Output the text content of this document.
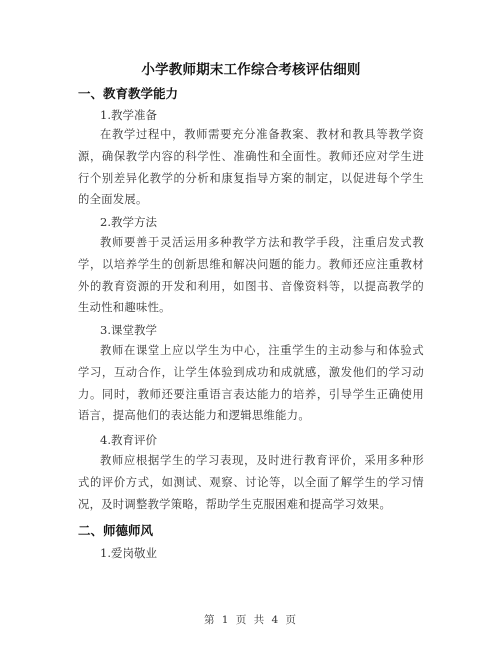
小学教师期末工作综合考核评估细则
一、教育教学能力
1.教学准备
在教学过程中，教师需要充分准备教案、教材和教具等教学资源，确保教学内容的科学性、准确性和全面性。教师还应对学生进行个别差异化教学的分析和康复指导方案的制定，以促进每个学生的全面发展。
2.教学方法
教师要善于灵活运用多种教学方法和教学手段，注重启发式教学，以培养学生的创新思维和解决问题的能力。教师还应注重教材外的教育资源的开发和利用，如图书、音像资料等，以提高教学的生动性和趣味性。
3.课堂教学
教师在课堂上应以学生为中心，注重学生的主动参与和体验式学习，互动合作，让学生体验到成功和成就感，激发他们的学习动力。同时，教师还要注重语言表达能力的培养，引导学生正确使用语言，提高他们的表达能力和逻辑思维能力。
4.教育评价
教师应根据学生的学习表现，及时进行教育评价，采用多种形式的评价方式，如测试、观察、讨论等，以全面了解学生的学习情况，及时调整教学策略，帮助学生克服困难和提高学习效果。
二、师德师风
1.爱岗敬业
第 1 页 共 4 页
